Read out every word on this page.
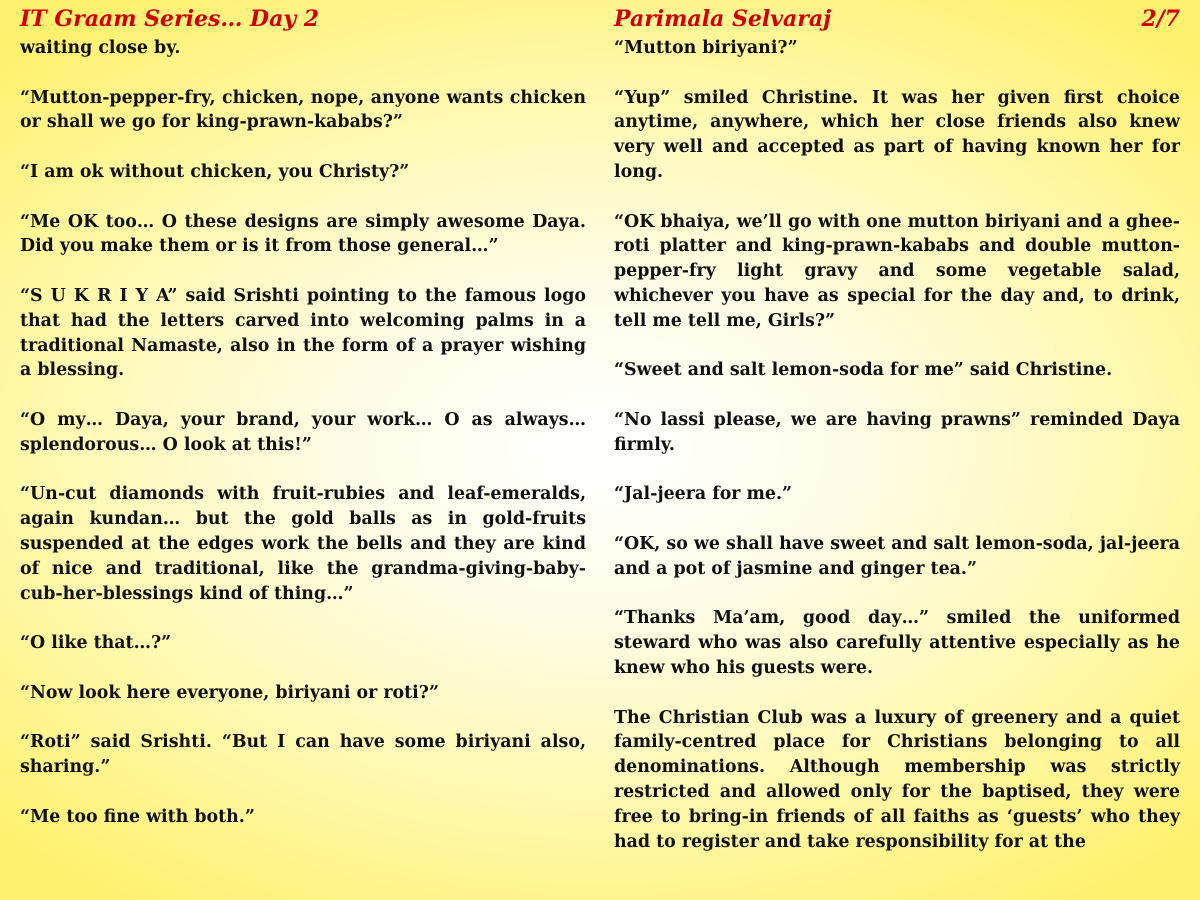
IT Graam Series… Day 2	Parimala Selvaraj	2/7

waiting close by.

“Mutton-pepper-fry, chicken, nope, anyone wants chicken or shall we go for king-prawn-kababs?”

“I am ok without chicken, you Christy?”

“Me OK too… O these designs are simply awesome Daya. Did you make them or is it from those general…”

“S U K R I Y A” said Srishti pointing to the famous logo that had the letters carved into welcoming palms in a traditional Namaste, also in the form of a prayer wishing a blessing.

“O my… Daya, your brand, your work… O as always… splendorous… O look at this!”

“Un-cut diamonds with fruit-rubies and leaf-emeralds, again kundan… but the gold balls as in gold-fruits suspended at the edges work the bells and they are kind of nice and traditional, like the grandma-giving-baby-cub-her-blessings kind of thing…”

“O like that…?”

“Now look here everyone, biriyani or roti?”

“Roti” said Srishti. “But I can have some biriyani also, sharing.”

“Me too fine with both.”

“Mutton biriyani?”

“Yup” smiled Christine. It was her given first choice anytime, anywhere, which her close friends also knew very well and accepted as part of having known her for long.

“OK bhaiya, we’ll go with one mutton biriyani and a ghee-roti platter and king-prawn-kababs and double mutton-pepper-fry light gravy and some vegetable salad, whichever you have as special for the day and, to drink, tell me tell me, Girls?”

“Sweet and salt lemon-soda for me” said Christine.

“No lassi please, we are having prawns” reminded Daya firmly.

“Jal-jeera for me.”

“OK, so we shall have sweet and salt lemon-soda, jal-jeera and a pot of jasmine and ginger tea.”

“Thanks Ma’am, good day…” smiled the uniformed steward who was also carefully attentive especially as he knew who his guests were.

The Christian Club was a luxury of greenery and a quiet family-centred place for Christians belonging to all denominations. Although membership was strictly restricted and allowed only for the baptised, they were free to bring-in friends of all faiths as ‘guests’ who they had to register and take responsibility for at the
